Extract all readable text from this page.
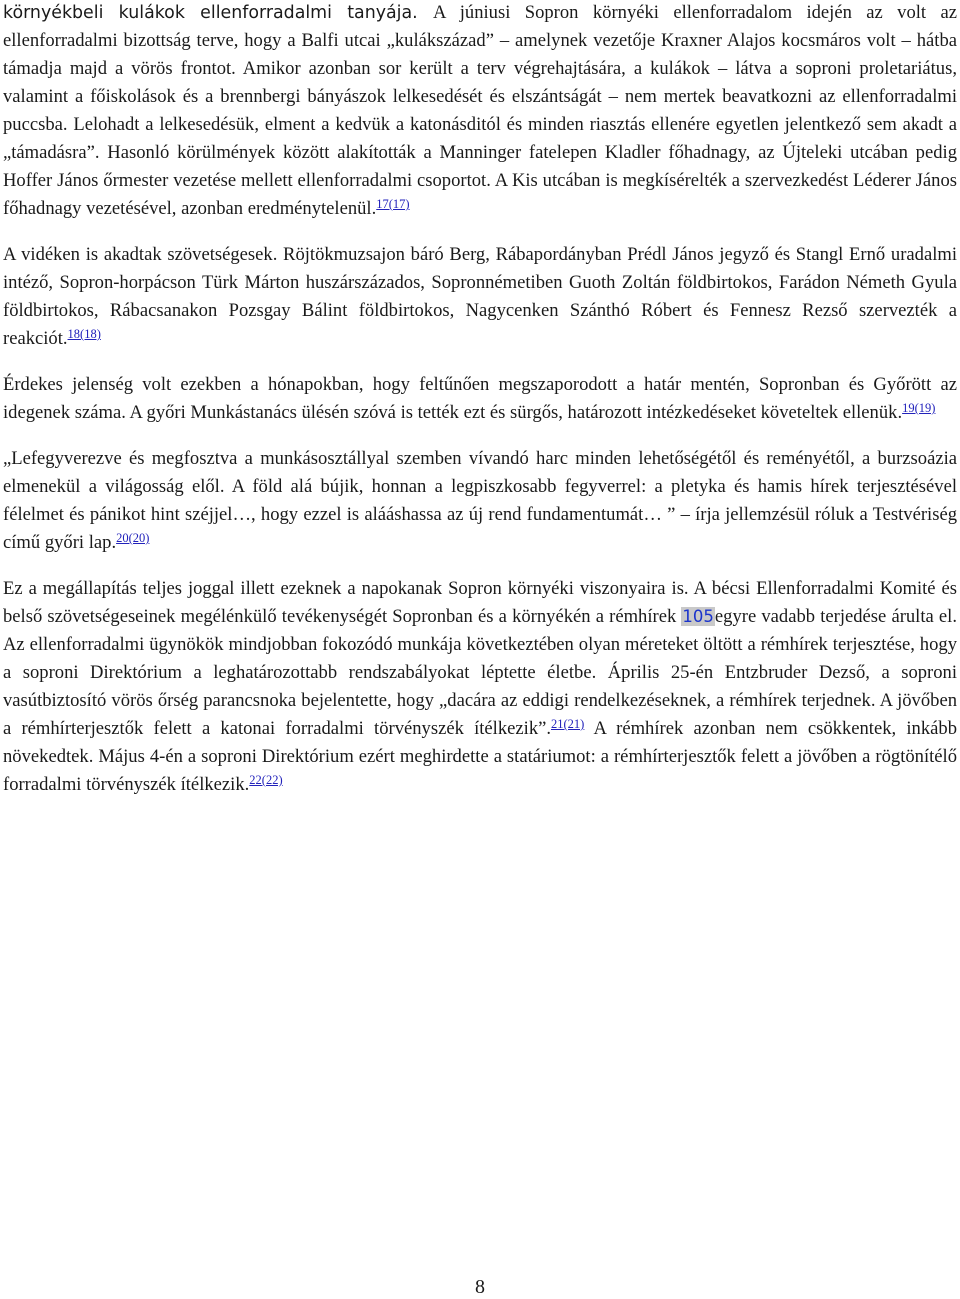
környékbeli kulákok ellenforradalmi tanyája. A júniusi Sopron környéki ellenforradalom idején az volt az ellenforradalmi bizottság terve, hogy a Balfi utcai „kulákszázad” – amelynek vezetője Kraxner Alajos kocsmáros volt – hátba támadja majd a vörös frontot. Amikor azonban sor került a terv végrehajtására, a kulákok – látva a soproni proletariátus, valamint a főiskolások és a brennbergi bányászok lelkesedését és elszántságát – nem mertek beavatkozni az ellenforradalmi puccsba. Lelohadt a lelkesedésük, elment a kedvük a katonásditól és minden riasztás ellenére egyetlen jelentkező sem akadt a „támadásra”. Hasonló körülmények között alakították a Manninger fatelepen Kladler főhadnagy, az Újteleki utcában pedig Hoffer János őrmester vezetése mellett ellenforradalmi csoportot. A Kis utcában is megkísérelték a szervezkedést Léderer János főhadnagy vezetésével, azonban eredménytelenül.$^{17(17)}$

A vidéken is akadtak szövetségesek. Röjtökmuzsajon báró Berg, Rábapordányban Prédl János jegyző és Stangl Ernő uradalmi intéző, Sopron-horpácson Türk Márton huszárszázados, Sopronnémetiben Guoth Zoltán földbirtokos, Farádon Németh Gyula földbirtokos, Rábacsanakon Pozsgay Bálint földbirtokos, Nagycenken Szánthó Róbert és Fennesz Rezső szervezték a reakciót.$^{18(18)}$

Érdekes jelenség volt ezekben a hónapokban, hogy feltűnően megszaporodott a határ mentén, Sopronban és Győrött az idegenek száma. A győri Munkástanács ülésén szóvá is tették ezt és sürgős, határozott intézkedéseket követeltek ellenük.$^{19(19)}$

„Lefegyverezve és megfosztva a munkásosztállyal szemben vívandó harc minden lehetőségétől és reményétől, a burzsoázia elmenekül a világosság elől. A föld alá bújik, honnan a legpiszkosabb fegyverrel: a pletyka és hamis hírek terjesztésével félelmet és pánikot hint széjjel…, hogy ezzel is alááshassa az új rend fundamentumát… ” – írja jellemzésül róluk a Testvériség című győri lap.$^{20(20)}$

Ez a megállapítás teljes joggal illett ezeknek a napokanak Sopron környéki viszonyaira is. A bécsi Ellenforradalmi Komité és belső szövetségeseinek megélénkülő tevékenységét Sopronban és a környékén a rémhírek 105egyre vadabb terjedése árulta el. Az ellenforradalmi ügynökök mindjobban fokozódó munkája következtében olyan méreteket öltött a rémhírek terjesztése, hogy a soproni Direktórium a leghatározottabb rendszabályokat léptette életbe. Április 25-én Entzbruder Dezső, a soproni vasútbiztosító vörös őrség parancsnoka bejelentette, hogy „dacára az eddigi rendelkezéseknek, a rémhírek terjednek. A jövőben a rémhírterjesztők felett a katonai forradalmi törvényszék ítélkezik”.$^{21(21)}$ A rémhírek azonban nem csökkentek, inkább növekedtek. Május 4-én a soproni Direktórium ezért meghirdette a statáriumot: a rémhírterjesztők felett a jövőben a rögtönítélő forradalmi törvényszék ítélkezik.$^{22(22)}$

8
